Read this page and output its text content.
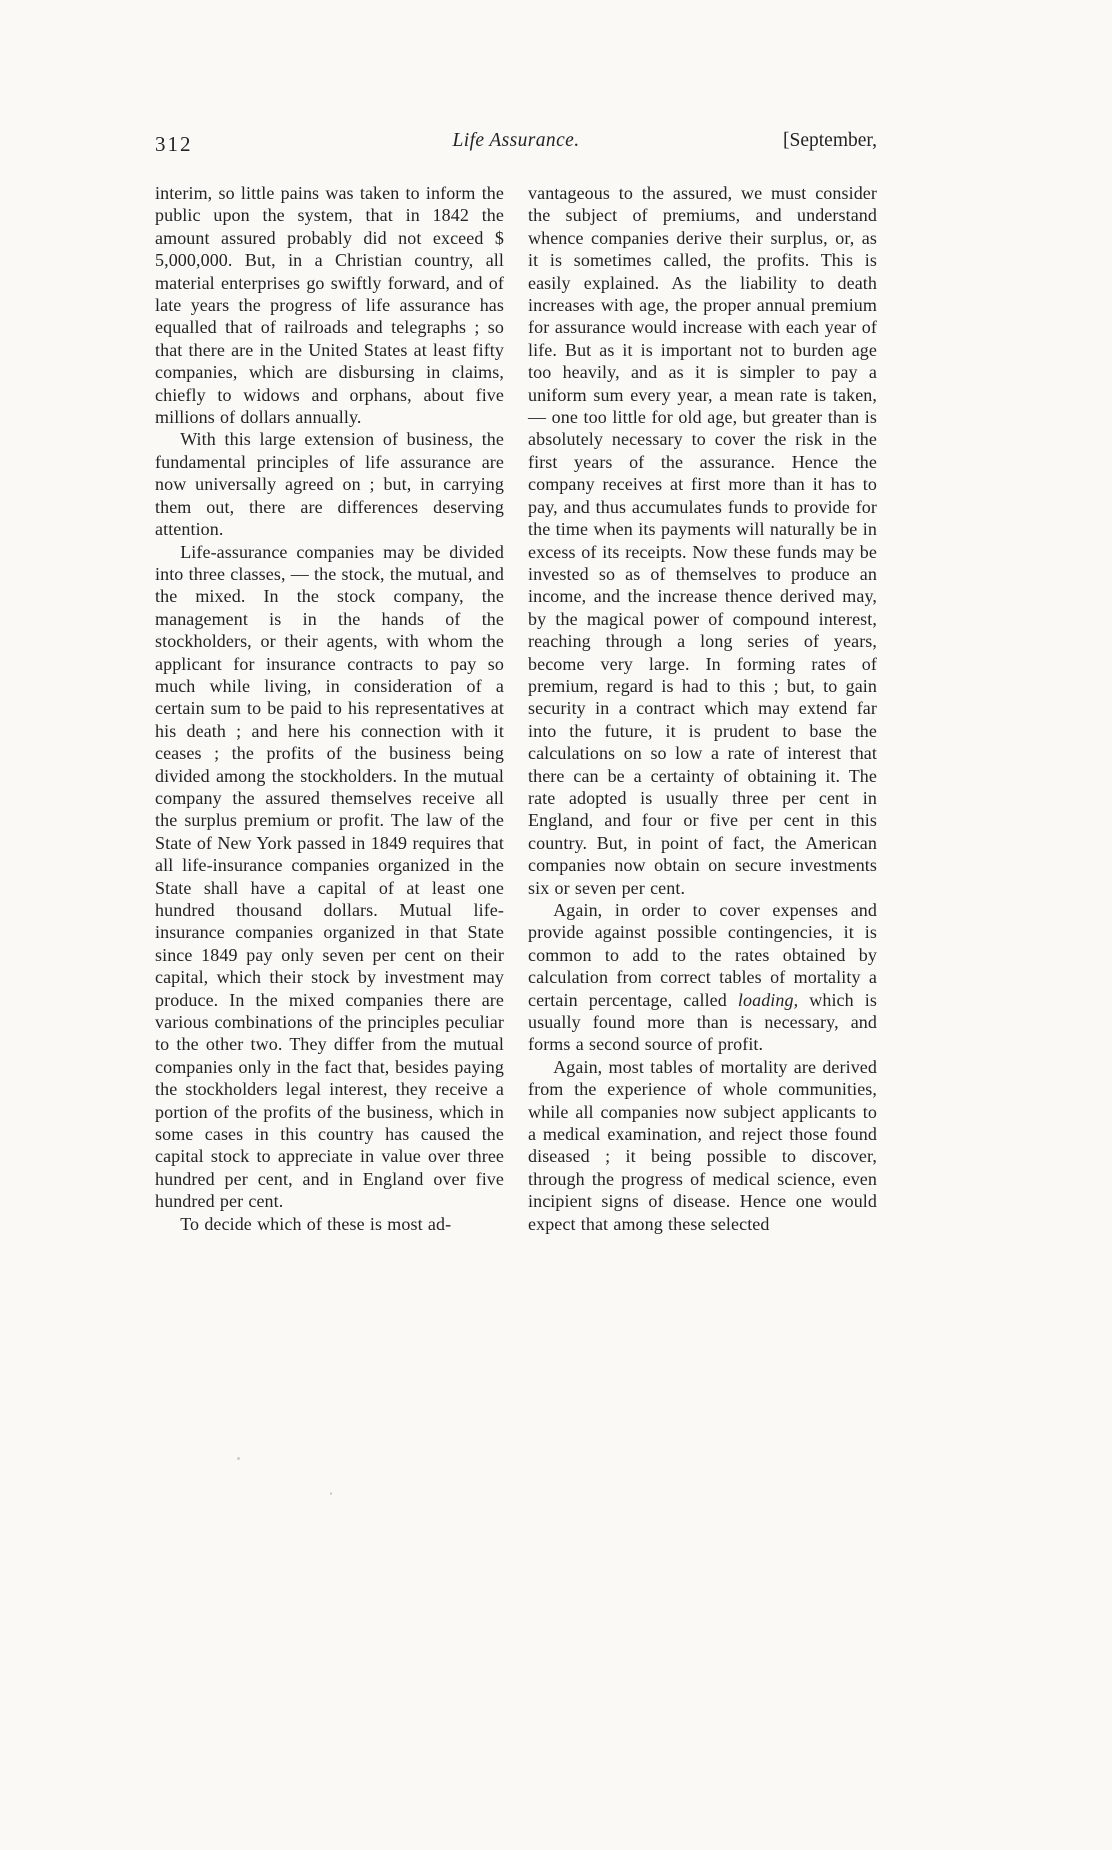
312	Life Assurance.	[September,

interim, so little pains was taken to inform the public upon the system, that in 1842 the amount assured probably did not exceed $ 5,000,000. But, in a Christian country, all material enterprises go swiftly forward, and of late years the progress of life assurance has equalled that of railroads and telegraphs ; so that there are in the United States at least fifty companies, which are disbursing in claims, chiefly to widows and orphans, about five millions of dollars annually.

With this large extension of business, the fundamental principles of life assurance are now universally agreed on ; but, in carrying them out, there are differences deserving attention.

Life-assurance companies may be divided into three classes, — the stock, the mutual, and the mixed. In the stock company, the management is in the hands of the stockholders, or their agents, with whom the applicant for insurance contracts to pay so much while living, in consideration of a certain sum to be paid to his representatives at his death ; and here his connection with it ceases ; the profits of the business being divided among the stockholders. In the mutual company the assured themselves receive all the surplus premium or profit. The law of the State of New York passed in 1849 requires that all life-insurance companies organized in the State shall have a capital of at least one hundred thousand dollars. Mutual life-insurance companies organized in that State since 1849 pay only seven per cent on their capital, which their stock by investment may produce. In the mixed companies there are various combinations of the principles peculiar to the other two. They differ from the mutual companies only in the fact that, besides paying the stockholders legal interest, they receive a portion of the profits of the business, which in some cases in this country has caused the capital stock to appreciate in value over three hundred per cent, and in England over five hundred per cent.

To decide which of these is most ad-

vantageous to the assured, we must consider the subject of premiums, and understand whence companies derive their surplus, or, as it is sometimes called, the profits. This is easily explained. As the liability to death increases with age, the proper annual premium for assurance would increase with each year of life. But as it is important not to burden age too heavily, and as it is simpler to pay a uniform sum every year, a mean rate is taken, — one too little for old age, but greater than is absolutely necessary to cover the risk in the first years of the assurance. Hence the company receives at first more than it has to pay, and thus accumulates funds to provide for the time when its payments will naturally be in excess of its receipts. Now these funds may be invested so as of themselves to produce an income, and the increase thence derived may, by the magical power of compound interest, reaching through a long series of years, become very large. In forming rates of premium, regard is had to this ; but, to gain security in a contract which may extend far into the future, it is prudent to base the calculations on so low a rate of interest that there can be a certainty of obtaining it. The rate adopted is usually three per cent in England, and four or five per cent in this country. But, in point of fact, the American companies now obtain on secure investments six or seven per cent.

Again, in order to cover expenses and provide against possible contingencies, it is common to add to the rates obtained by calculation from correct tables of mortality a certain percentage, called loading, which is usually found more than is necessary, and forms a second source of profit.

Again, most tables of mortality are derived from the experience of whole communities, while all companies now subject applicants to a medical examination, and reject those found diseased ; it being possible to discover, through the progress of medical science, even incipient signs of disease. Hence one would expect that among these selected
